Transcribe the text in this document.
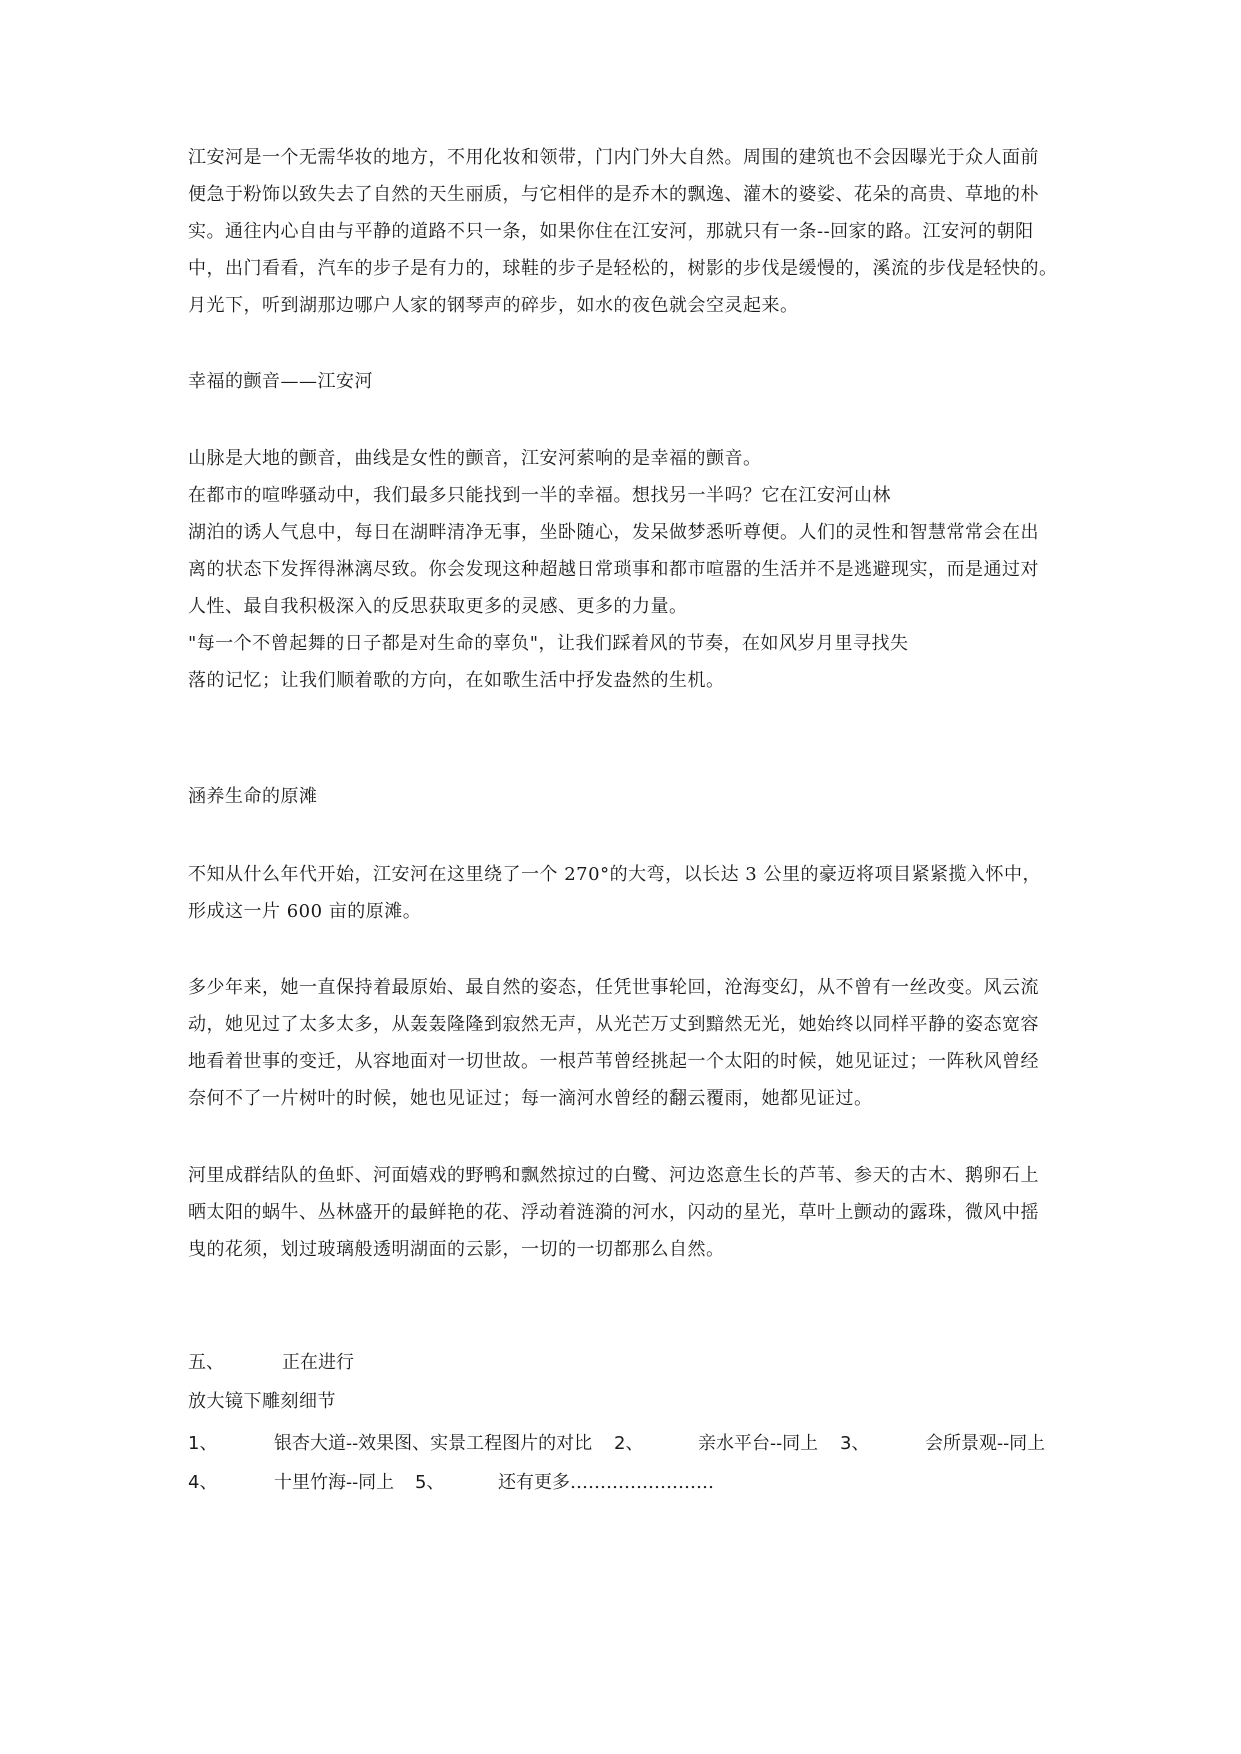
江安河是一个无需华妆的地方，不用化妆和领带，门内门外大自然。周围的建筑也不会因曝光于众人面前
便急于粉饰以致失去了自然的天生丽质，与它相伴的是乔木的飘逸、灌木的婆娑、花朵的高贵、草地的朴
实。通往内心自由与平静的道路不只一条，如果你住在江安河，那就只有一条--回家的路。江安河的朝阳
中，出门看看，汽车的步子是有力的，球鞋的步子是轻松的，树影的步伐是缓慢的，溪流的步伐是轻快的。
月光下，听到湖那边哪户人家的钢琴声的碎步，如水的夜色就会空灵起来。
幸福的颤音——江安河
山脉是大地的颤音，曲线是女性的颤音，江安河萦响的是幸福的颤音。
在都市的喧哗骚动中，我们最多只能找到一半的幸福。想找另一半吗？它在江安河山林
湖泊的诱人气息中，每日在湖畔清净无事，坐卧随心，发呆做梦悉听尊便。人们的灵性和智慧常常会在出
离的状态下发挥得淋漓尽致。你会发现这种超越日常琐事和都市喧嚣的生活并不是逃避现实，而是通过对
人性、最自我积极深入的反思获取更多的灵感、更多的力量。
"每一个不曾起舞的日子都是对生命的辜负"，让我们踩着风的节奏，在如风岁月里寻找失
落的记忆；让我们顺着歌的方向，在如歌生活中抒发盎然的生机。
涵养生命的原滩
不知从什么年代开始，江安河在这里绕了一个 270°的大弯，以长达 3 公里的豪迈将项目紧紧揽入怀中，
形成这一片 600 亩的原滩。
多少年来，她一直保持着最原始、最自然的姿态，任凭世事轮回，沧海变幻，从不曾有一丝改变。风云流
动，她见过了太多太多，从轰轰隆隆到寂然无声，从光芒万丈到黯然无光，她始终以同样平静的姿态宽容
地看着世事的变迁，从容地面对一切世故。一根芦苇曾经挑起一个太阳的时候，她见证过；一阵秋风曾经
奈何不了一片树叶的时候，她也见证过；每一滴河水曾经的翻云覆雨，她都见证过。
河里成群结队的鱼虾、河面嬉戏的野鸭和飘然掠过的白鹭、河边恣意生长的芦苇、参天的古木、鹅卵石上
晒太阳的蜗牛、丛林盛开的最鲜艳的花、浮动着涟漪的河水，闪动的星光，草叶上颤动的露珠，微风中摇
曳的花须，划过玻璃般透明湖面的云影，一切的一切都那么自然。
五、	正在进行
放大镜下雕刻细节
1、	银杏大道--效果图、实景工程图片的对比 2、	亲水平台--同上 3、	会所景观--同上
4、	十里竹海--同上 5、	还有更多……………………
